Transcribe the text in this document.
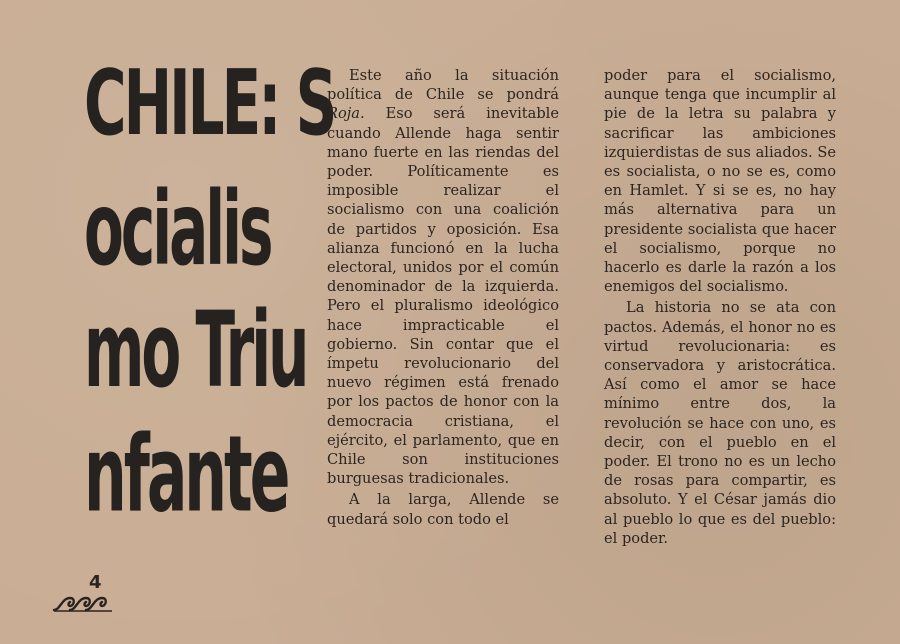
CHILE: S
ocialis
mo Triu
nfante

Este año la situación política de Chile se pondrá Roja. Eso será inevitable cuando Allende haga sentir mano fuerte en las riendas del poder. Políticamente es imposible realizar el socialismo con una coalición de partidos y oposición. Esa alianza funcionó en la lucha electoral, unidos por el común denominador de la izquierda. Pero el pluralismo ideológico hace impracticable el gobierno. Sin contar que el ímpetu revolucionario del nuevo régimen está frenado por los pactos de honor con la democracia cristiana, el ejército, el parlamento, que en Chile son instituciones burguesas tradicionales.

A la larga, Allende se quedará solo con todo el

poder para el socialismo, aunque tenga que incumplir al pie de la letra su palabra y sacrificar las ambiciones izquierdistas de sus aliados. Se es socialista, o no se es, como en Hamlet. Y si se es, no hay más alternativa para un presidente socialista que hacer el socialismo, porque no hacerlo es darle la razón a los enemigos del socialismo.

La historia no se ata con pactos. Además, el honor no es virtud revolucionaria: es conservadora y aristocrática. Así como el amor se hace mínimo entre dos, la revolución se hace con uno, es decir, con el pueblo en el poder. El trono no es un lecho de rosas para compartir, es absoluto. Y el César jamás dio al pueblo lo que es del pueblo: el poder.

4
